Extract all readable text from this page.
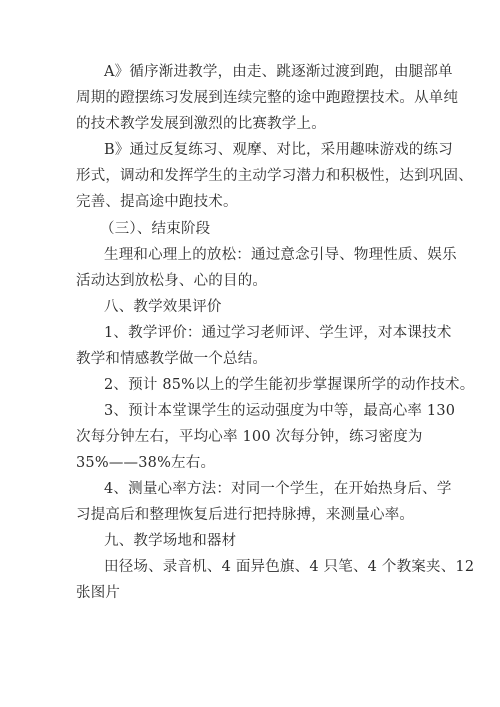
A》循序渐进教学，由走、跳逐渐过渡到跑，由腿部单
周期的蹬摆练习发展到连续完整的途中跑蹬摆技术。从单纯
的技术教学发展到激烈的比赛教学上。
B》通过反复练习、观摩、对比，采用趣味游戏的练习
形式，调动和发挥学生的主动学习潜力和积极性，达到巩固、
完善、提高途中跑技术。
（三）、结束阶段
生理和心理上的放松：通过意念引导、物理性质、娱乐
活动达到放松身、心的目的。
八、教学效果评价
1、教学评价：通过学习老师评、学生评，对本课技术
教学和情感教学做一个总结。
2、预计 85%以上的学生能初步掌握课所学的动作技术。
3、预计本堂课学生的运动强度为中等，最高心率 130
次每分钟左右，平均心率 100 次每分钟，练习密度为
35%——38%左右。
4、测量心率方法：对同一个学生，在开始热身后、学
习提高后和整理恢复后进行把持脉搏，来测量心率。
九、教学场地和器材
田径场、录音机、4 面异色旗、4 只笔、4 个教案夹、12
张图片
